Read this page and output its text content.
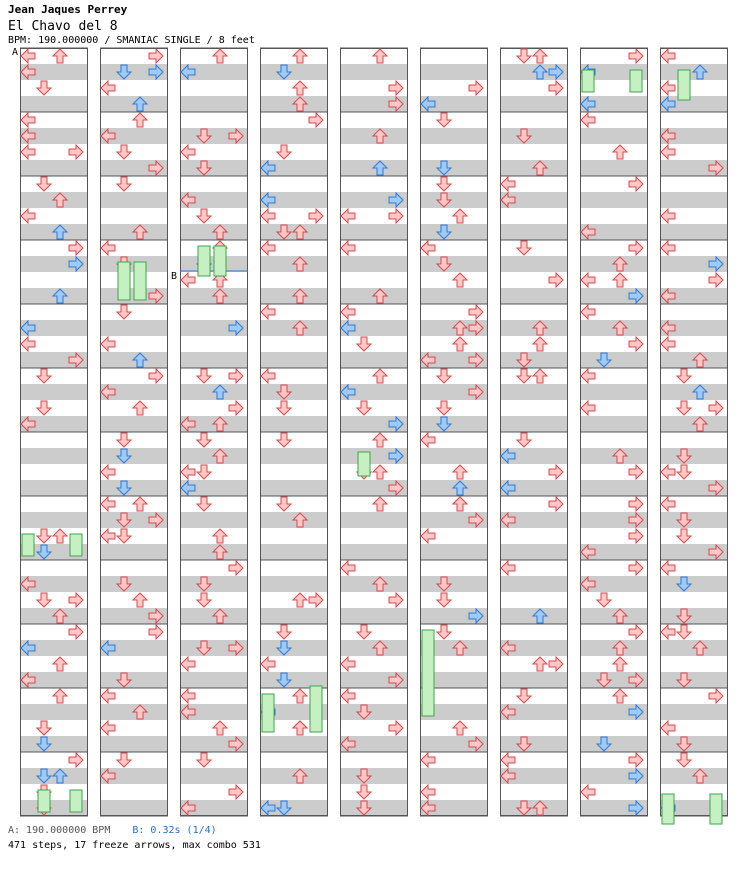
Jean Jaques Perrey
El Chavo del 8
BPM: 190.000000 / SMANIAC SINGLE / 8 feet
A
B
A: 190.000000 BPM B: 0.32s (1/4)
471 steps, 17 freeze arrows, max combo 531
